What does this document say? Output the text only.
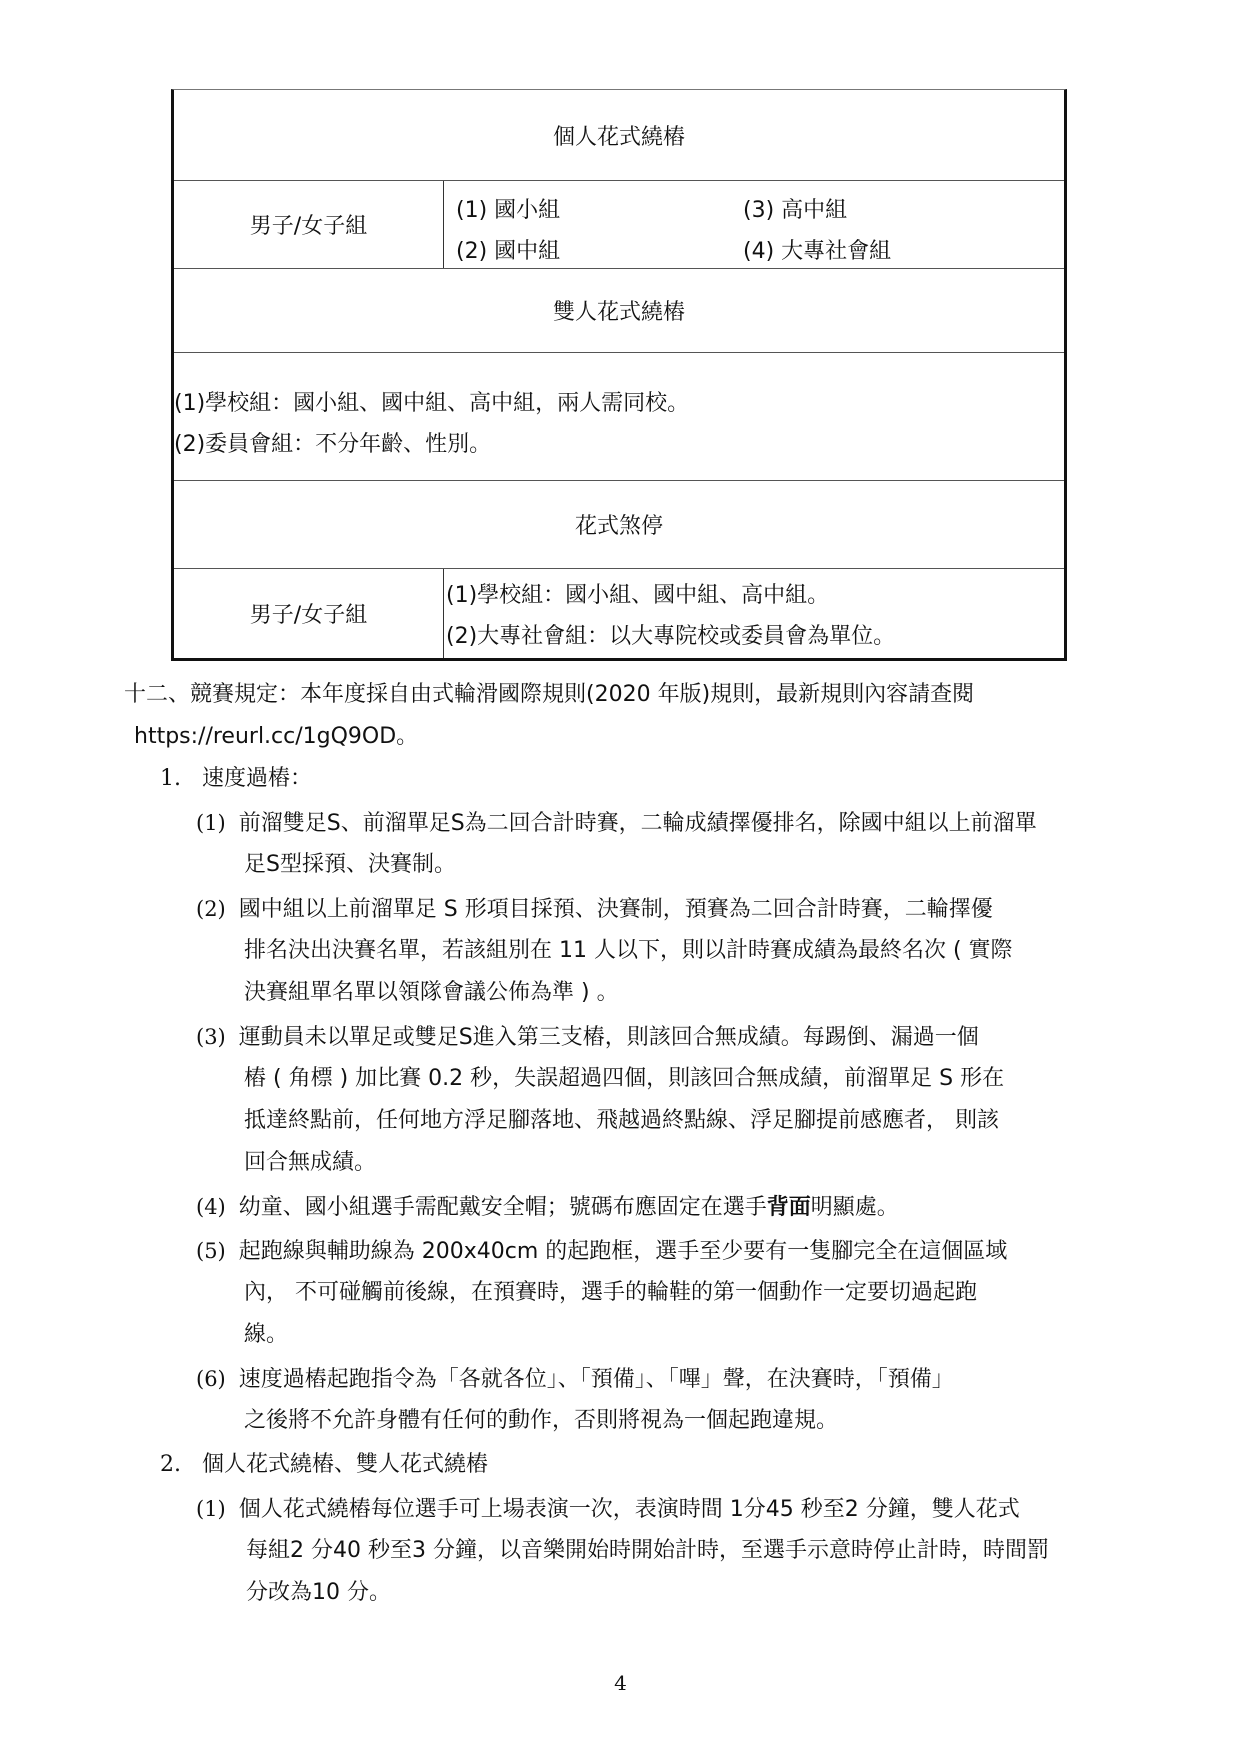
個人花式繞樁
男子/女子組
(1) 國小組	(3) 高中組
(2) 國中組	(4) 大專社會組
雙人花式繞樁
(1)學校組：國小組、國中組、高中組，兩人需同校。
(2)委員會組：不分年齡、性別。
花式煞停
男子/女子組
(1)學校組：國小組、國中組、高中組。
(2)大專社會組：以大專院校或委員會為單位。
十二、競賽規定：本年度採自由式輪滑國際規則(2020 年版)規則，最新規則內容請查閱
https://reurl.cc/1gQ9OD。
1. 速度過樁：
(1) 前溜雙足S、前溜單足S為二回合計時賽，二輪成績擇優排名，除國中組以上前溜單
足S型採預、決賽制。
(2) 國中組以上前溜單足 S 形項目採預、決賽制，預賽為二回合計時賽，二輪擇優
排名決出決賽名單，若該組別在 11 人以下，則以計時賽成績為最終名次 ( 實際
決賽組單名單以領隊會議公佈為準 ) 。
(3) 運動員未以單足或雙足S進入第三支樁，則該回合無成績。每踢倒、漏過一個
樁 ( 角標 ) 加比賽 0.2 秒，失誤超過四個，則該回合無成績，前溜單足 S 形在
抵達終點前，任何地方浮足腳落地、飛越過終點線、浮足腳提前感應者， 則該
回合無成績。
(4) 幼童、國小組選手需配戴安全帽；號碼布應固定在選手背面明顯處。
(5) 起跑線與輔助線為 200x40cm 的起跑框，選手至少要有一隻腳完全在這個區域
內， 不可碰觸前後線，在預賽時，選手的輪鞋的第一個動作一定要切過起跑
線。
(6) 速度過樁起跑指令為「各就各位」、「預備」、「嗶」聲，在決賽時，「預備」
之後將不允許身體有任何的動作，否則將視為一個起跑違規。
2. 個人花式繞樁、雙人花式繞樁
(1) 個人花式繞樁每位選手可上場表演一次，表演時間 1分45 秒至2 分鐘，雙人花式
每組2 分40 秒至3 分鐘，以音樂開始時開始計時，至選手示意時停止計時，時間罰
分改為10 分。
4
